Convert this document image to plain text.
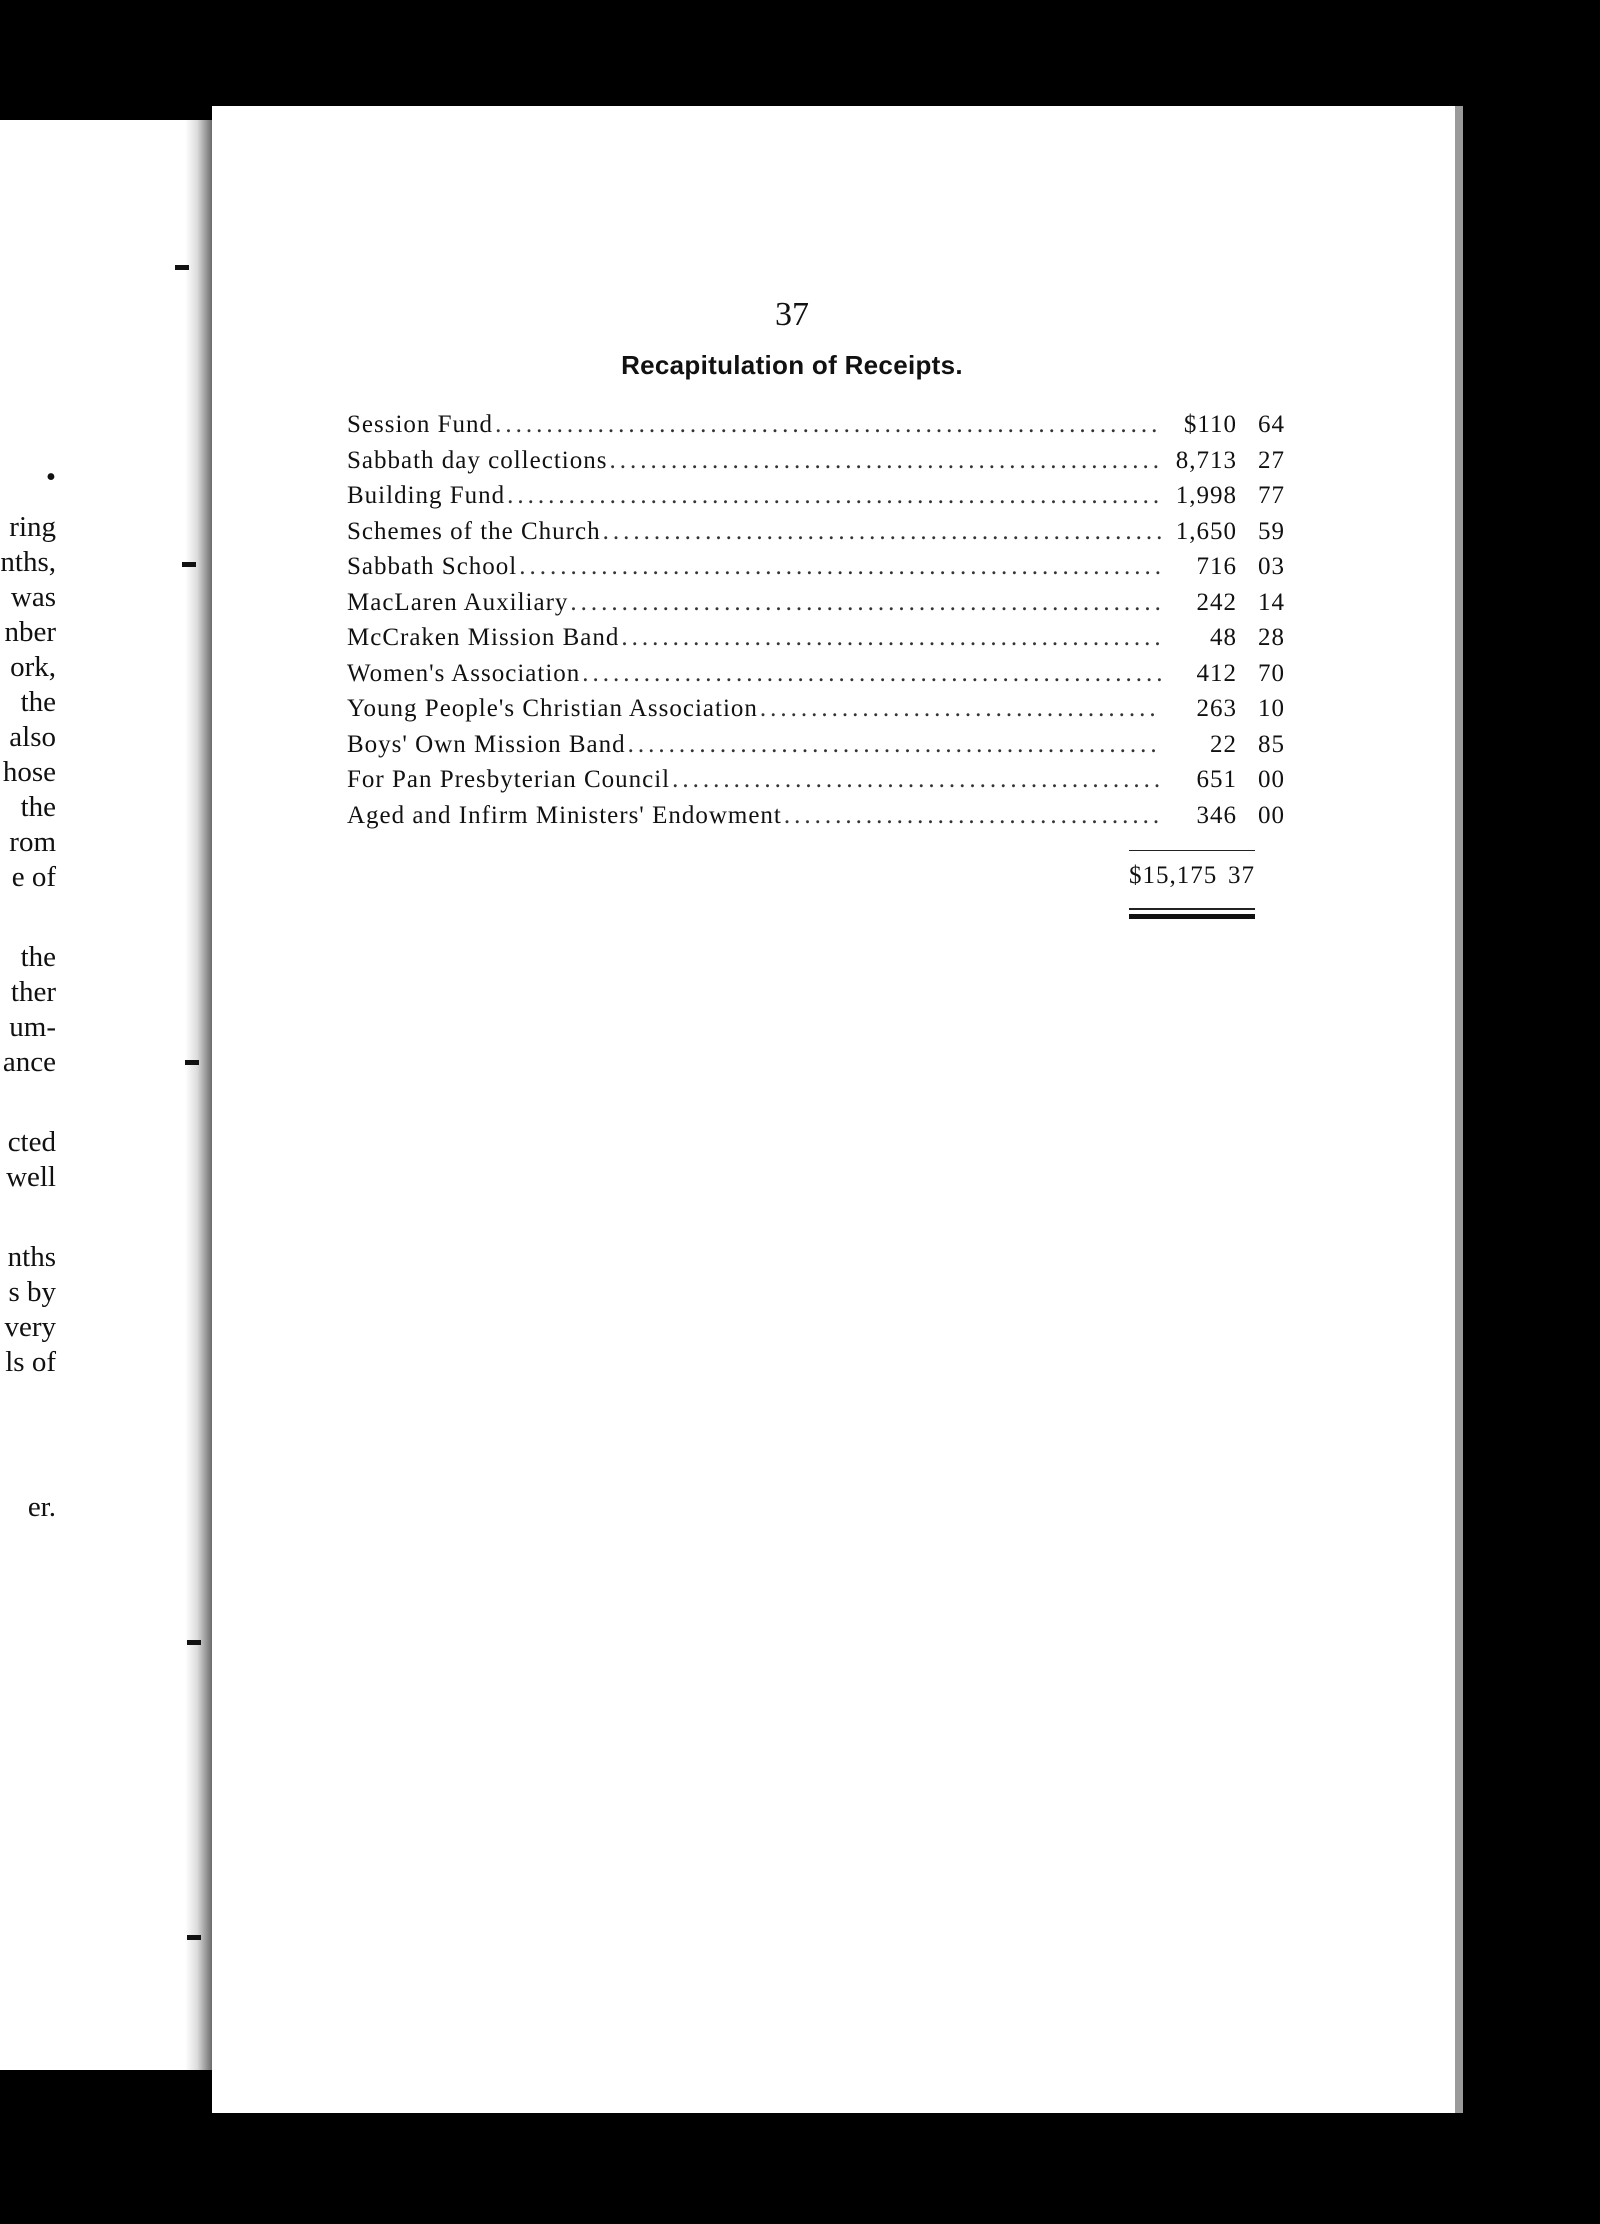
•
ring
nths,
was
nber
ork,
the
also
hose
the
rom
e of
the
ther
um-
ance
cted
well
nths
s by
very
ls of
er.
37
Recapitulation of Receipts.
Session Fund .....	$110 64
Sabbath day collections .....	8,713 27
Building Fund .....	1,998 77
Schemes of the Church .....	1,650 59
Sabbath School .....	716 03
MacLaren Auxiliary .....	242 14
McCraken Mission Band .....	48 28
Women's Association .....	412 70
Young People's Christian Association .....	263 10
Boys' Own Mission Band .....	22 85
For Pan Presbyterian Council .....	651 00
Aged and Infirm Ministers' Endowment .....	346 00
$15,175 37
